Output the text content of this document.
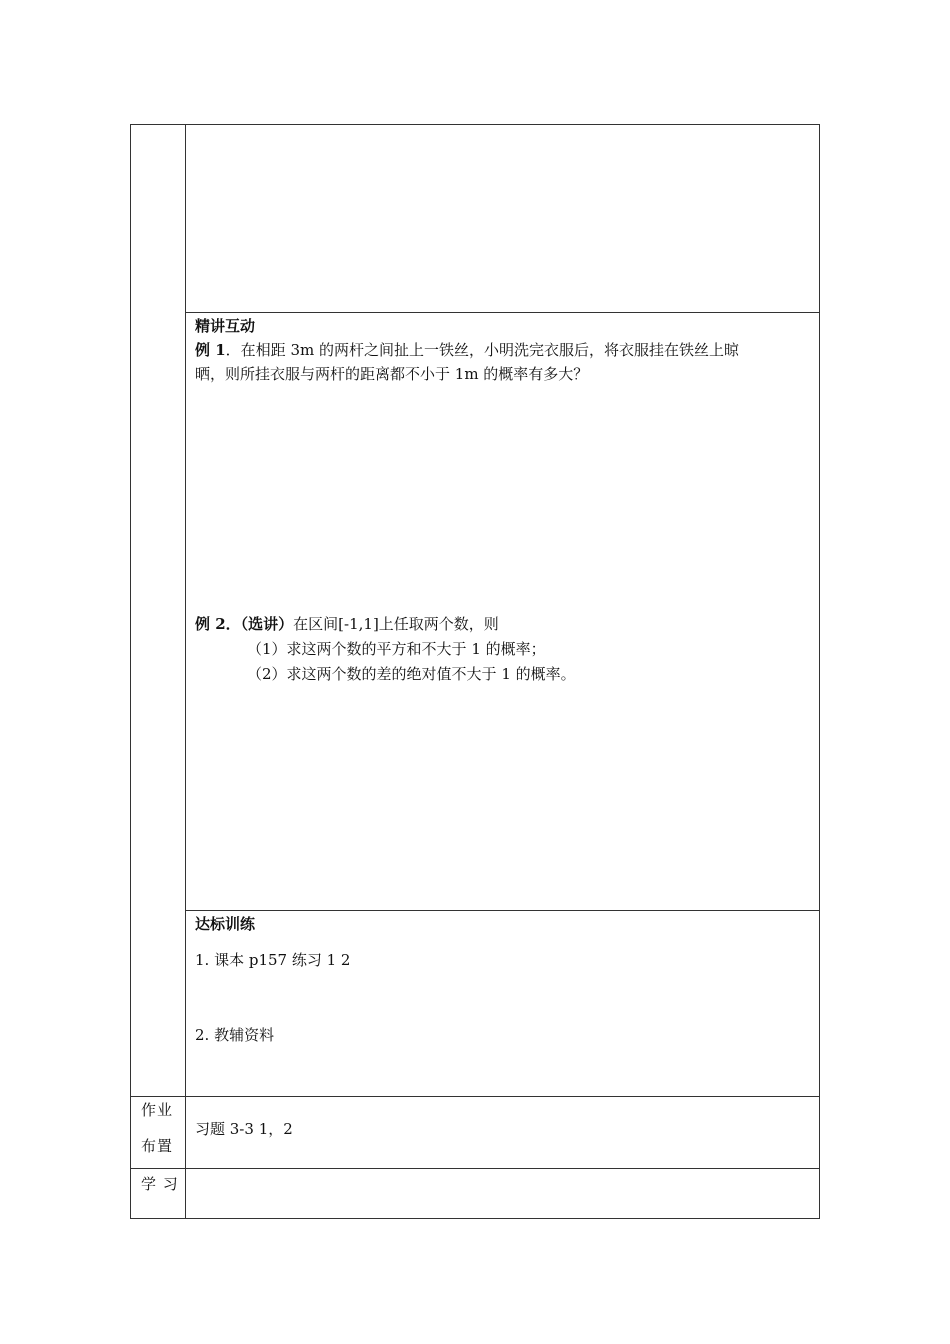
精讲互动
例 1．在相距 3m 的两杆之间扯上一铁丝，小明洗完衣服后，将衣服挂在铁丝上晾
晒，则所挂衣服与两杆的距离都不小于 1m 的概率有多大？
例 2．（选讲）在区间[-1,1]上任取两个数，则
（1）求这两个数的平方和不大于 1 的概率；
（2）求这两个数的差的绝对值不大于 1 的概率。
达标训练
1. 课本 p157 练习 1 2
2. 教辅资料
作业
布置
习题 3-3 1，2
学 习
